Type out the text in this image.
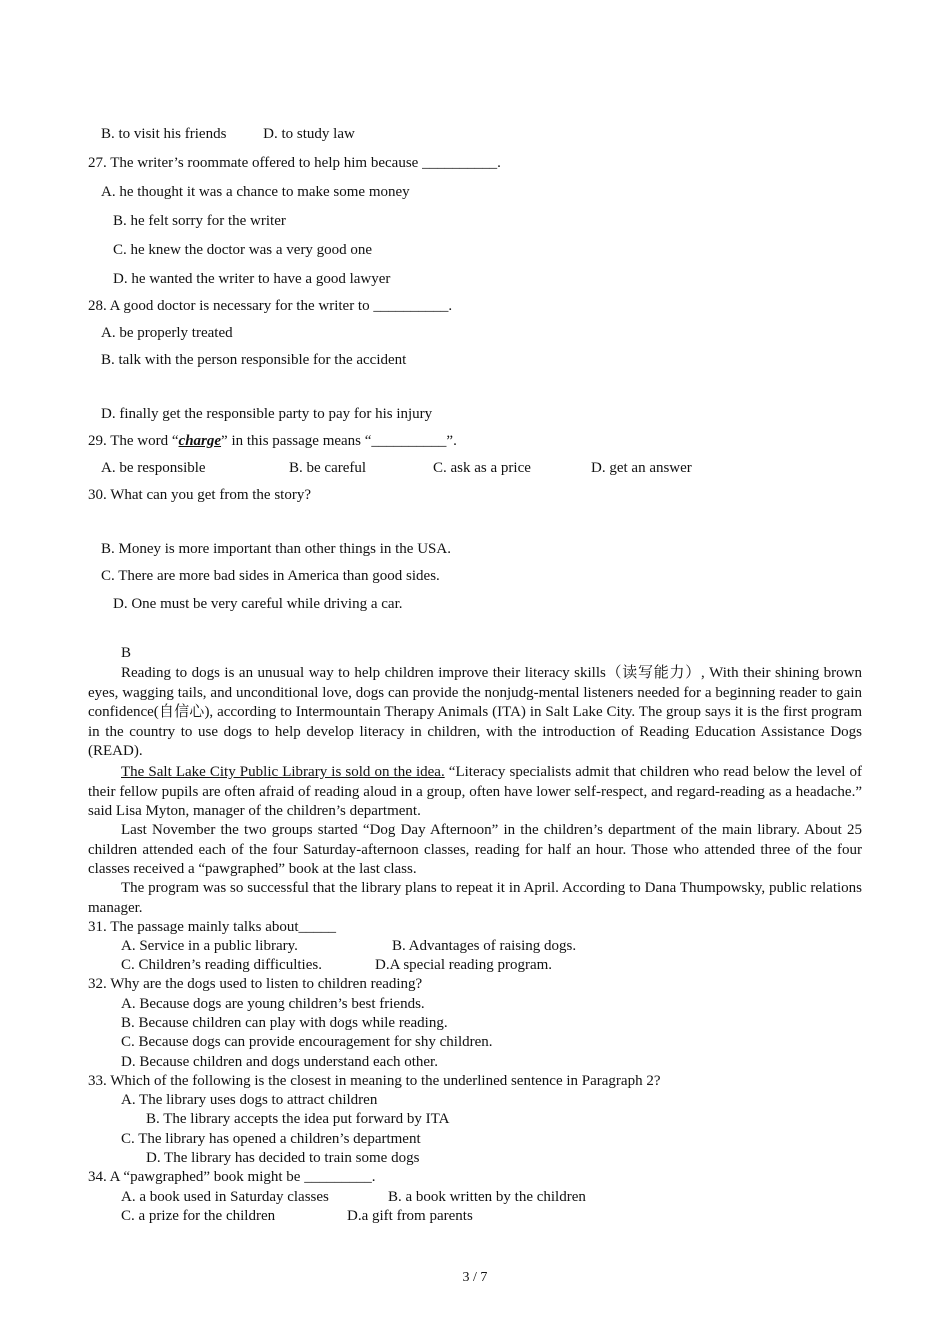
B. to visit his friends D. to study law
27. The writer’s roommate offered to help him because __________.
A. he thought it was a chance to make some money
B. he felt sorry for the writer
C. he knew the doctor was a very good one
D. he wanted the writer to have a good lawyer
28. A good doctor is necessary for the writer to __________.
A. be properly treated
B. talk with the person responsible for the accident
D. finally get the responsible party to pay for his injury
29. The word “charge” in this passage means “__________”.
A. be responsible	B. be careful	C. ask as a price	D. get an answer
30. What can you get from the story?
B. Money is more important than other things in the USA.
C. There are more bad sides in America than good sides.
D. One must be very careful while driving a car.
B
Reading to dogs is an unusual way to help children improve their literacy skills（读写能力）, With their shining brown eyes, wagging tails, and unconditional love, dogs can provide the nonjudg-mental listeners needed for a beginning reader to gain confidence(自信心), according to Intermountain Therapy Animals (ITA) in Salt Lake City. The group says it is the first program in the country to use dogs to help develop literacy in children, with the introduction of Reading Education Assistance Dogs (READ).
The Salt Lake City Public Library is sold on the idea. “Literacy specialists admit that children who read below the level of their fellow pupils are often afraid of reading aloud in a group, often have lower self-respect, and regard-reading as a headache.” said Lisa Myton, manager of the children’s department.
Last November the two groups started “Dog Day Afternoon” in the children’s department of the main library. About 25 children attended each of the four Saturday-afternoon classes, reading for half an hour. Those who attended three of the four classes received a “pawgraphed” book at the last class.
The program was so successful that the library plans to repeat it in April. According to Dana Thumpowsky, public relations manager.
31. The passage mainly talks about_____
A. Service in a public library.	B. Advantages of raising dogs.
C. Children’s reading difficulties.	D.A special reading program.
32. Why are the dogs used to listen to children reading?
A. Because dogs are young children’s best friends.
B. Because children can play with dogs while reading.
C. Because dogs can provide encouragement for shy children.
D. Because children and dogs understand each other.
33. Which of the following is the closest in meaning to the underlined sentence in Paragraph 2?
A. The library uses dogs to attract children
B. The library accepts the idea put forward by ITA
C. The library has opened a children’s department
D. The library has decided to train some dogs
34. A “pawgraphed” book might be _________.
A. a book used in Saturday classes	B. a book written by the children
C. a prize for the children	D.a gift from parents
3 / 7
